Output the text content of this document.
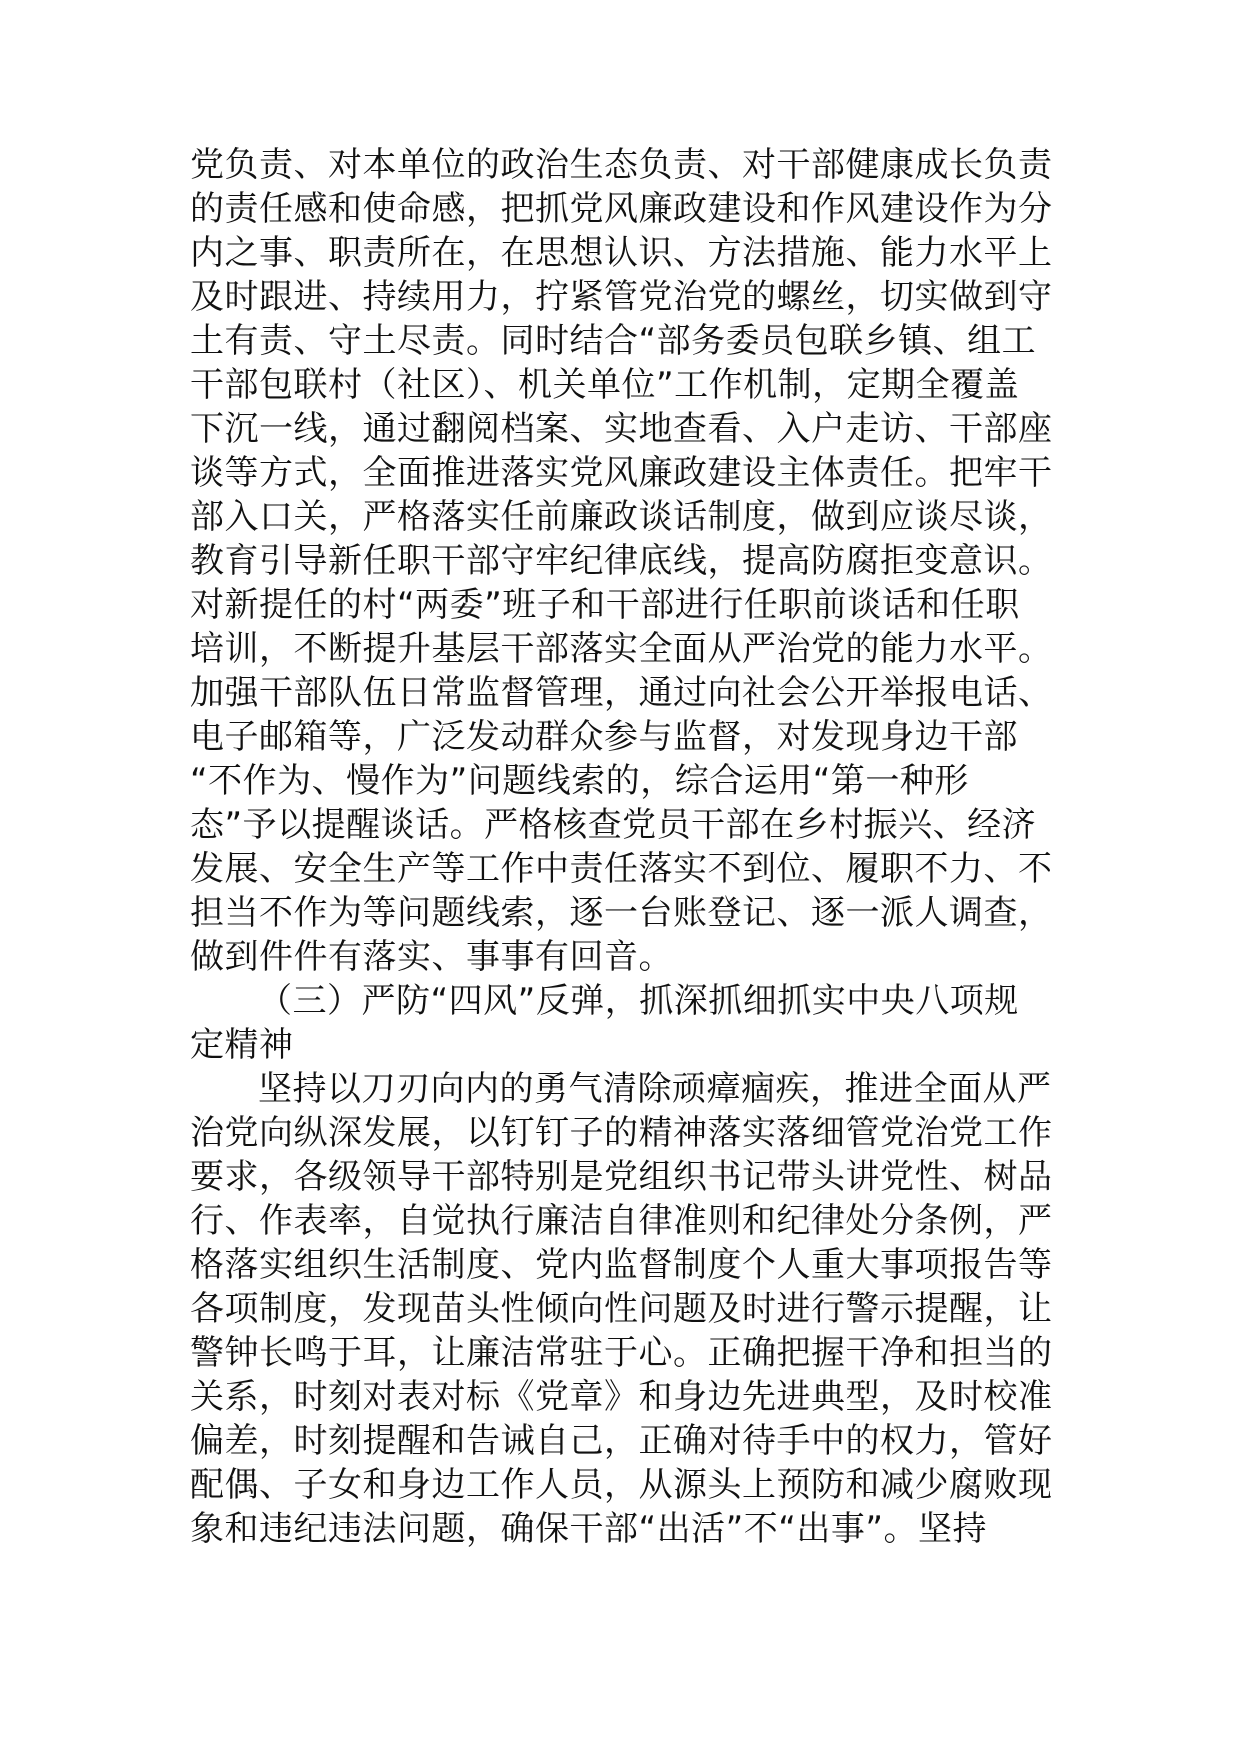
党负责、对本单位的政治生态负责、对干部健康成长负责
的责任感和使命感，把抓党风廉政建设和作风建设作为分
内之事、职责所在，在思想认识、方法措施、能力水平上
及时跟进、持续用力，拧紧管党治党的螺丝，切实做到守
土有责、守土尽责。同时结合“部务委员包联乡镇、组工
干部包联村（社区）、机关单位”工作机制，定期全覆盖
下沉一线，通过翻阅档案、实地查看、入户走访、干部座
谈等方式，全面推进落实党风廉政建设主体责任。把牢干
部入口关，严格落实任前廉政谈话制度，做到应谈尽谈，
教育引导新任职干部守牢纪律底线，提高防腐拒变意识。
对新提任的村“两委”班子和干部进行任职前谈话和任职
培训，不断提升基层干部落实全面从严治党的能力水平。
加强干部队伍日常监督管理，通过向社会公开举报电话、
电子邮箱等，广泛发动群众参与监督，对发现身边干部
“不作为、慢作为”问题线索的，综合运用“第一种形
态”予以提醒谈话。严格核查党员干部在乡村振兴、经济
发展、安全生产等工作中责任落实不到位、履职不力、不
担当不作为等问题线索，逐一台账登记、逐一派人调查，
做到件件有落实、事事有回音。
（三）严防“四风”反弹，抓深抓细抓实中央八项规
定精神
坚持以刀刃向内的勇气清除顽瘴痼疾，推进全面从严
治党向纵深发展，以钉钉子的精神落实落细管党治党工作
要求，各级领导干部特别是党组织书记带头讲党性、树品
行、作表率，自觉执行廉洁自律准则和纪律处分条例，严
格落实组织生活制度、党内监督制度个人重大事项报告等
各项制度，发现苗头性倾向性问题及时进行警示提醒，让
警钟长鸣于耳，让廉洁常驻于心。正确把握干净和担当的
关系，时刻对表对标《党章》和身边先进典型，及时校准
偏差，时刻提醒和告诫自己，正确对待手中的权力，管好
配偶、子女和身边工作人员，从源头上预防和减少腐败现
象和违纪违法问题，确保干部“出活”不“出事”。坚持
